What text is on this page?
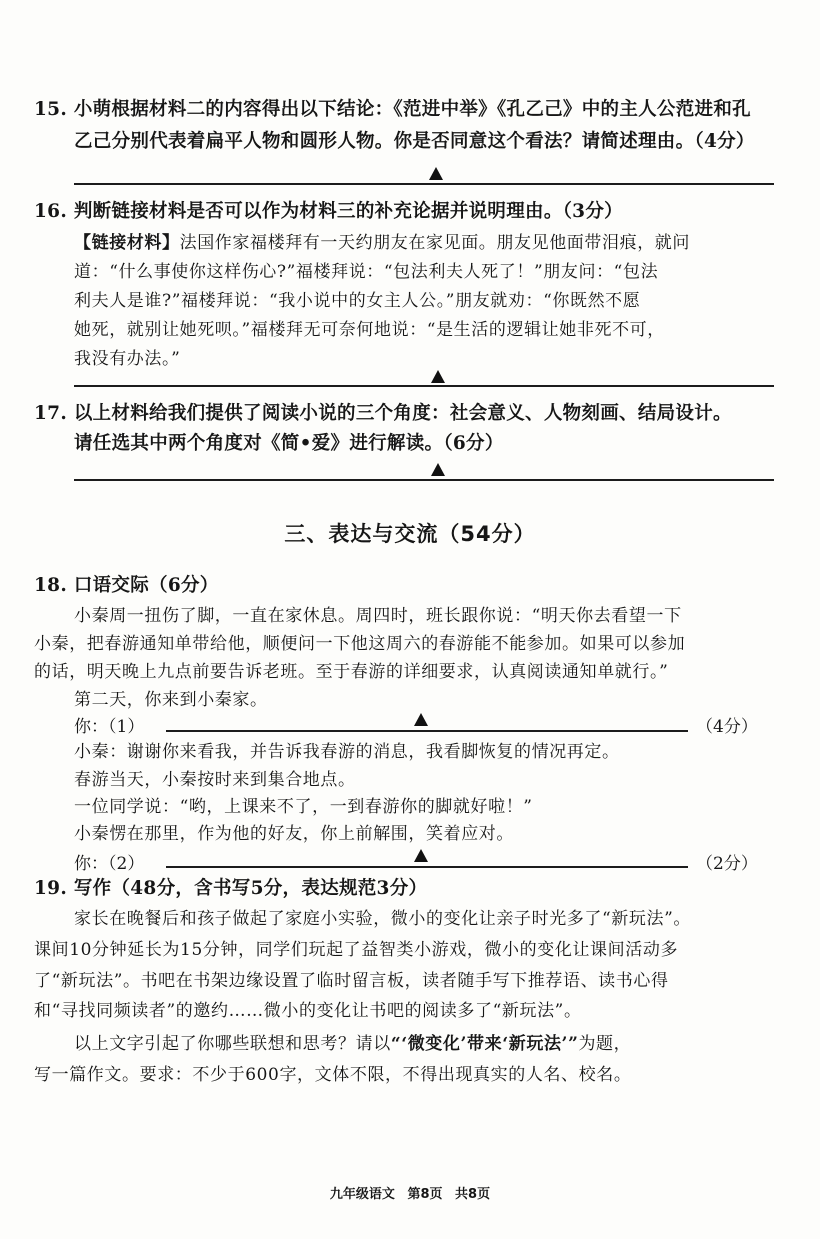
15. 小萌根据材料二的内容得出以下结论：《范进中举》《孔乙己》中的主人公范进和孔
乙己分别代表着扁平人物和圆形人物。你是否同意这个看法？请简述理由。（4分）
16. 判断链接材料是否可以作为材料三的补充论据并说明理由。（3分）
【链接材料】法国作家福楼拜有一天约朋友在家见面。朋友见他面带泪痕，就问
道：“什么事使你这样伤心?”福楼拜说：“包法利夫人死了！”朋友问：“包法
利夫人是谁?”福楼拜说：“我小说中的女主人公。”朋友就劝：“你既然不愿
她死，就别让她死呗。”福楼拜无可奈何地说：“是生活的逻辑让她非死不可，
我没有办法。”
17. 以上材料给我们提供了阅读小说的三个角度：社会意义、人物刻画、结局设计。
请任选其中两个角度对《简•爱》进行解读。（6分）
三、表达与交流（54分）
18. 口语交际（6分）
小秦周一扭伤了脚，一直在家休息。周四时，班长跟你说：“明天你去看望一下
小秦，把春游通知单带给他，顺便问一下他这周六的春游能不能参加。如果可以参加
的话，明天晚上九点前要告诉老班。至于春游的详细要求，认真阅读通知单就行。”
第二天，你来到小秦家。
你：（1）	（4分）
小秦：谢谢你来看我，并告诉我春游的消息，我看脚恢复的情况再定。
春游当天，小秦按时来到集合地点。
一位同学说：“哟，上课来不了，一到春游你的脚就好啦！”
小秦愣在那里，作为他的好友，你上前解围，笑着应对。
你：（2）	（2分）
19. 写作（48分，含书写5分，表达规范3分）
家长在晚餐后和孩子做起了家庭小实验，微小的变化让亲子时光多了“新玩法”。
课间10分钟延长为15分钟，同学们玩起了益智类小游戏，微小的变化让课间活动多
了“新玩法”。书吧在书架边缘设置了临时留言板，读者随手写下推荐语、读书心得
和“寻找同频读者”的邀约……微小的变化让书吧的阅读多了“新玩法”。
以上文字引起了你哪些联想和思考？请以“‘微变化’带来‘新玩法’”为题，
写一篇作文。要求：不少于600字，文体不限，不得出现真实的人名、校名。
九年级语文 第8页 共8页
